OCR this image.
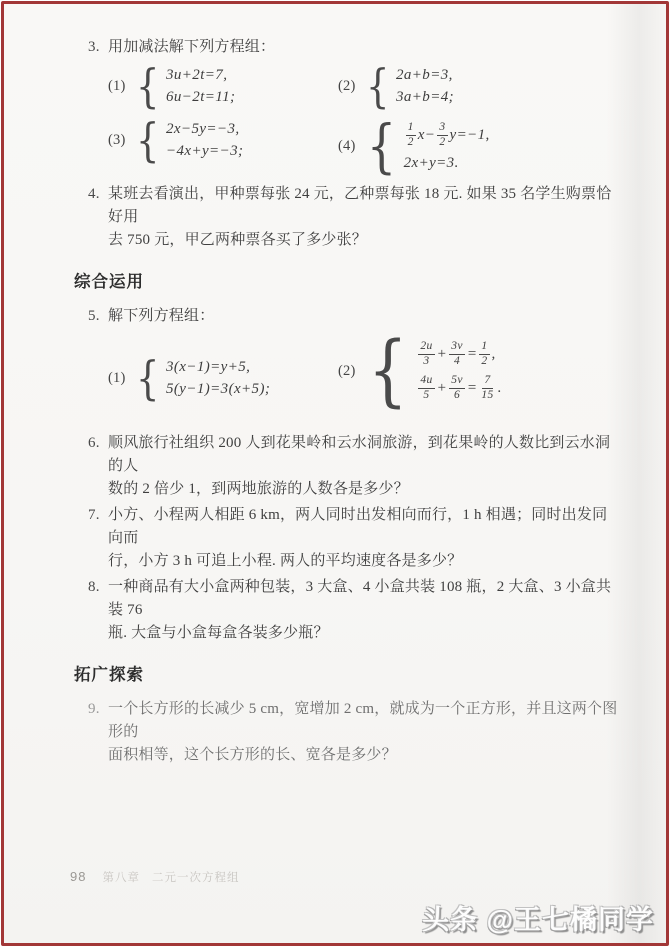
3. 用加减法解下列方程组：
(1) { 3u+2t=7,
6u−2t=11;
(2) { 2a+b=3,
3a+b=4;
(3) { 2x−5y=−3,
−4x+y=−3;	(4) { $\frac{1}{2} x- \frac{3}{2} y=-1$,
2x+y=3.
4. 某班去看演出，甲种票每张 24 元，乙种票每张 18 元. 如果 35 名学生购票恰好用
去 750 元，甲乙两种票各买了多少张？
综合运用
5. 解下列方程组：
(1) { 3(x−1)=y+5,
5(y−1)=3(x+5);
(2) { $\frac{2u}{3} + \frac{3v}{4} = \frac{1}{2}$ ,
$\frac{4u}{5} + \frac{5v}{6} = \frac{7}{15}$ .
6. 顺风旅行社组织 200 人到花果岭和云水洞旅游，到花果岭的人数比到云水洞的人
数的 2 倍少 1，到两地旅游的人数各是多少？
7. 小方、小程两人相距 6 km，两人同时出发相向而行，1 h 相遇；同时出发同向而
行，小方 3 h 可追上小程. 两人的平均速度各是多少？
8. 一种商品有大小盒两种包装，3 大盒、4 小盒共装 108 瓶，2 大盒、3 小盒共装 76
瓶. 大盒与小盒每盒各装多少瓶？
拓广探索
9. 一个长方形的长减少 5 cm，宽增加 2 cm，就成为一个正方形，并且这两个图形的
面积相等，这个长方形的长、宽各是多少？
98 第八章 二元一次方程组
头条 @王七橘同学
